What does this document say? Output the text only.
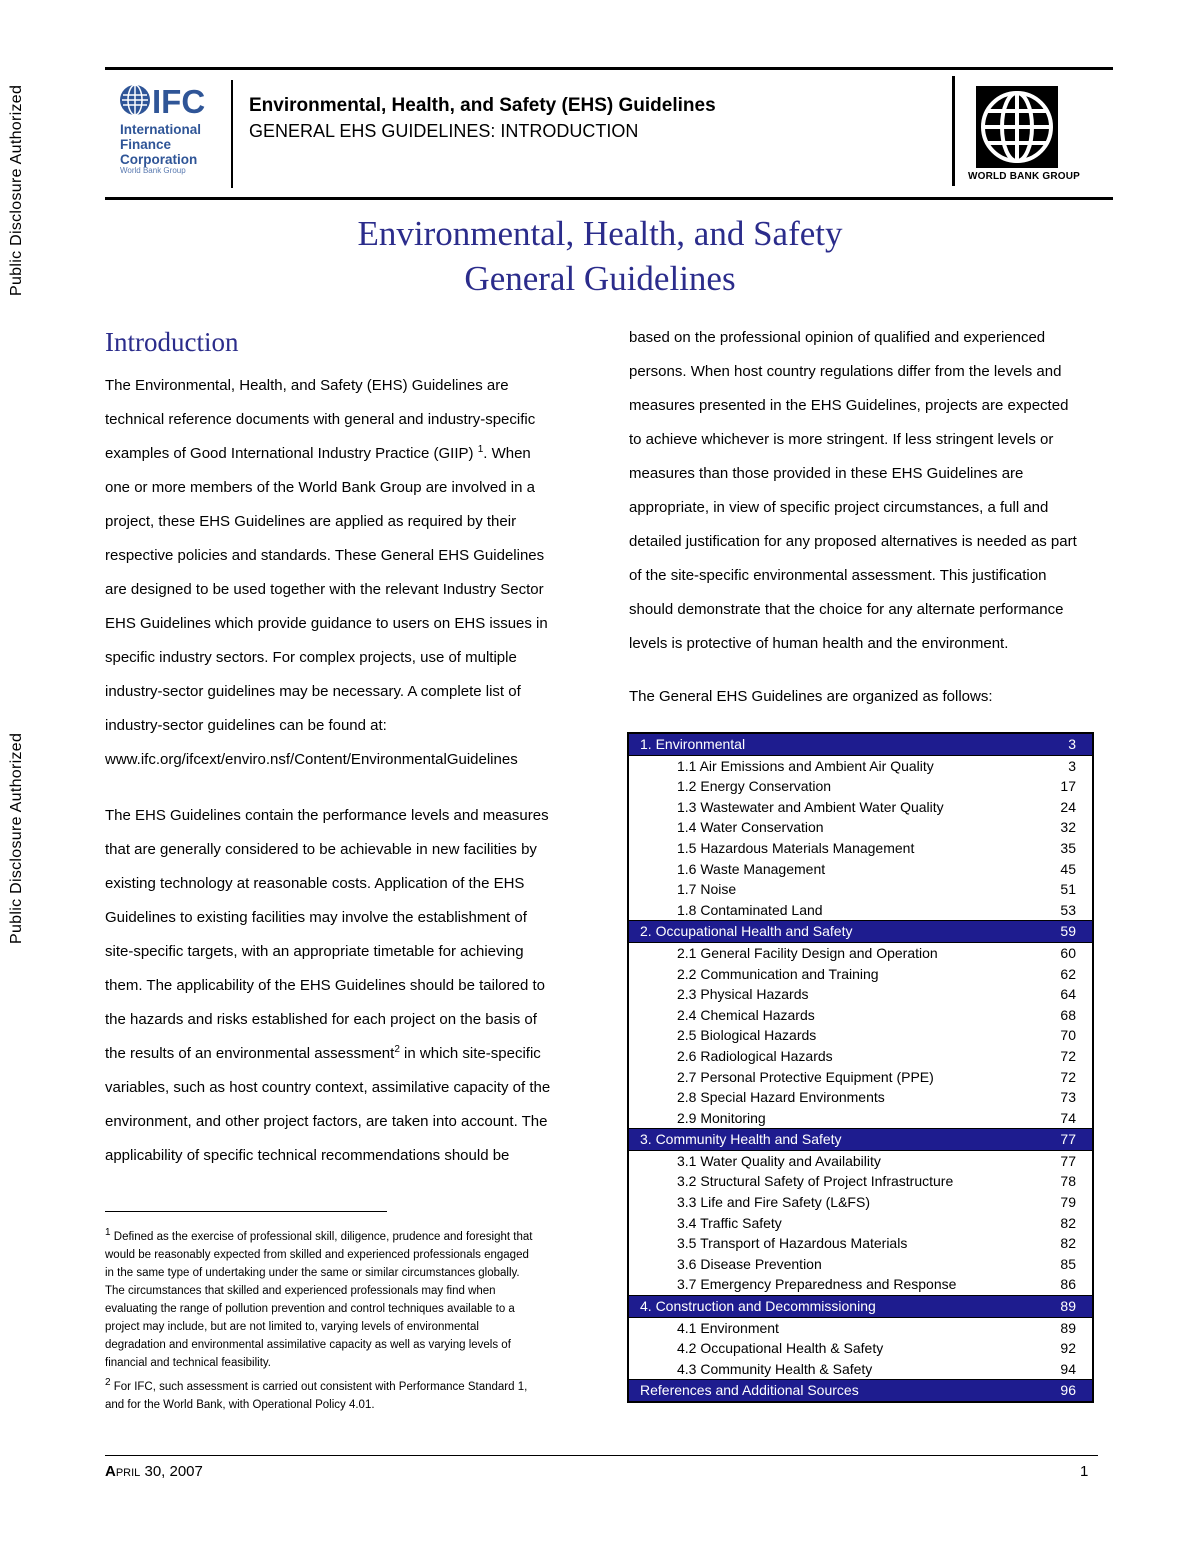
Public Disclosure Authorized
Public Disclosure Authorized
IFC
International
Finance
Corporation
World Bank Group
Environmental, Health, and Safety (EHS) Guidelines
GENERAL EHS GUIDELINES: INTRODUCTION
WORLD BANK GROUP
Environmental, Health, and Safety
General Guidelines
Introduction
The Environmental, Health, and Safety (EHS) Guidelines are
technical reference documents with general and industry-specific
examples of Good International Industry Practice (GIIP) $^1$. When
one or more members of the World Bank Group are involved in a
project, these EHS Guidelines are applied as required by their
respective policies and standards. These General EHS Guidelines
are designed to be used together with the relevant Industry Sector
EHS Guidelines which provide guidance to users on EHS issues in
specific industry sectors. For complex projects, use of multiple
industry-sector guidelines may be necessary. A complete list of
industry-sector guidelines can be found at:
www.ifc.org/ifcext/enviro.nsf/Content/EnvironmentalGuidelines
The EHS Guidelines contain the performance levels and measures
that are generally considered to be achievable in new facilities by
existing technology at reasonable costs. Application of the EHS
Guidelines to existing facilities may involve the establishment of
site-specific targets, with an appropriate timetable for achieving
them. The applicability of the EHS Guidelines should be tailored to
the hazards and risks established for each project on the basis of
the results of an environmental assessment$^2$ in which site-specific
variables, such as host country context, assimilative capacity of the
environment, and other project factors, are taken into account. The
applicability of specific technical recommendations should be
$^1$ Defined as the exercise of professional skill, diligence, prudence and foresight that
would be reasonably expected from skilled and experienced professionals engaged
in the same type of undertaking under the same or similar circumstances globally.
The circumstances that skilled and experienced professionals may find when
evaluating the range of pollution prevention and control techniques available to a
project may include, but are not limited to, varying levels of environmental
degradation and environmental assimilative capacity as well as varying levels of
financial and technical feasibility.
$^2$ For IFC, such assessment is carried out consistent with Performance Standard 1,
and for the World Bank, with Operational Policy 4.01.
based on the professional opinion of qualified and experienced
persons. When host country regulations differ from the levels and
measures presented in the EHS Guidelines, projects are expected
to achieve whichever is more stringent. If less stringent levels or
measures than those provided in these EHS Guidelines are
appropriate, in view of specific project circumstances, a full and
detailed justification for any proposed alternatives is needed as part
of the site-specific environmental assessment. This justification
should demonstrate that the choice for any alternate performance
levels is protective of human health and the environment.
The General EHS Guidelines are organized as follows:
1. Environmental	3
1.1 Air Emissions and Ambient Air Quality	3
1.2 Energy Conservation	17
1.3 Wastewater and Ambient Water Quality	24
1.4 Water Conservation	32
1.5 Hazardous Materials Management	35
1.6 Waste Management	45
1.7 Noise	51
1.8 Contaminated Land	53
2. Occupational Health and Safety	59
2.1 General Facility Design and Operation	60
2.2 Communication and Training	62
2.3 Physical Hazards	64
2.4 Chemical Hazards	68
2.5 Biological Hazards	70
2.6 Radiological Hazards	72
2.7 Personal Protective Equipment (PPE)	72
2.8 Special Hazard Environments	73
2.9 Monitoring	74
3. Community Health and Safety	77
3.1 Water Quality and Availability	77
3.2 Structural Safety of Project Infrastructure	78
3.3 Life and Fire Safety (L&FS)	79
3.4 Traffic Safety	82
3.5 Transport of Hazardous Materials	82
3.6 Disease Prevention	85
3.7 Emergency Preparedness and Response	86
4. Construction and Decommissioning	89
4.1 Environment	89
4.2 Occupational Health & Safety	92
4.3 Community Health & Safety	94
References and Additional Sources	96
APRIL 30, 2007	1
